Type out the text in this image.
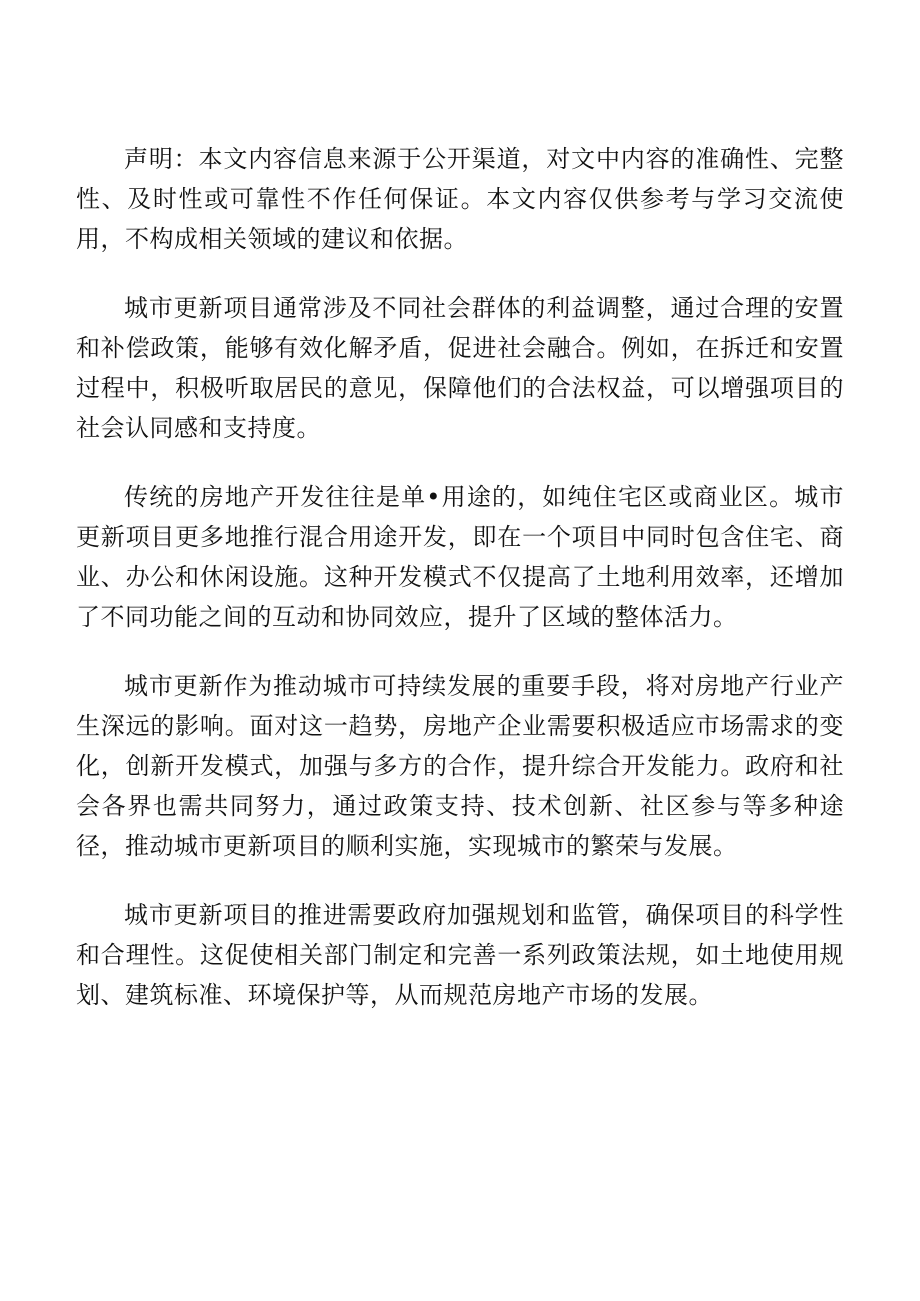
声明：本文内容信息来源于公开渠道，对文中内容的准确性、完整性、及时性或可靠性不作任何保证。本文内容仅供参考与学习交流使用，不构成相关领域的建议和依据。

城市更新项目通常涉及不同社会群体的利益调整，通过合理的安置和补偿政策，能够有效化解矛盾，促进社会融合。例如，在拆迁和安置过程中，积极听取居民的意见，保障他们的合法权益，可以增强项目的社会认同感和支持度。

传统的房地产开发往往是单•用途的，如纯住宅区或商业区。城市更新项目更多地推行混合用途开发，即在一个项目中同时包含住宅、商业、办公和休闲设施。这种开发模式不仅提高了土地利用效率，还增加了不同功能之间的互动和协同效应，提升了区域的整体活力。

城市更新作为推动城市可持续发展的重要手段，将对房地产行业产生深远的影响。面对这一趋势，房地产企业需要积极适应市场需求的变化，创新开发模式，加强与多方的合作，提升综合开发能力。政府和社会各界也需共同努力，通过政策支持、技术创新、社区参与等多种途径，推动城市更新项目的顺利实施，实现城市的繁荣与发展。

城市更新项目的推进需要政府加强规划和监管，确保项目的科学性和合理性。这促使相关部门制定和完善一系列政策法规，如土地使用规划、建筑标准、环境保护等，从而规范房地产市场的发展。
